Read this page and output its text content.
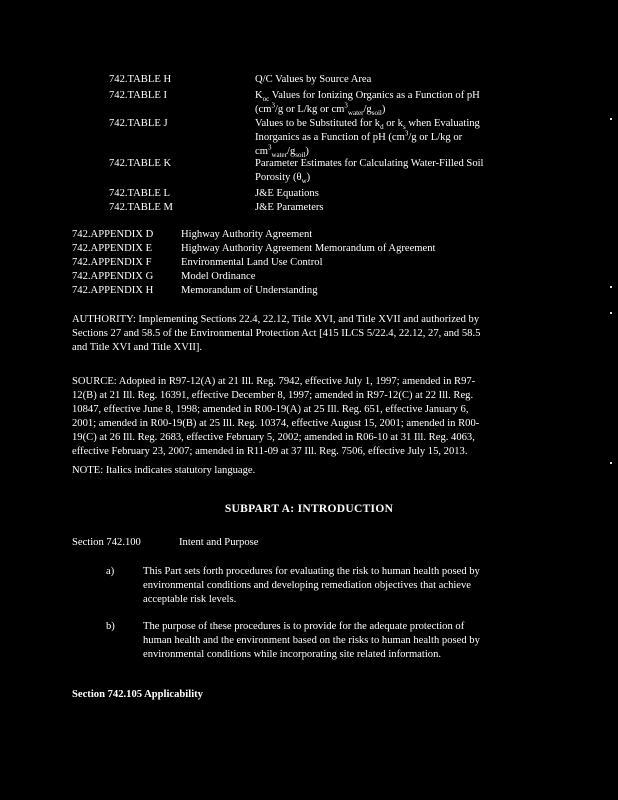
742.TABLE H	Q/C Values by Source Area
742.TABLE I	$K_{oc}$ Values for Ionizing Organics as a Function of pH
($cm^3/g$ or L/kg or $cm^3_{water}/g_{soil}$)
742.TABLE J	Values to be Substituted for $k_d$ or $k_s$ when Evaluating
Inorganics as a Function of pH ($cm^3/g$ or L/kg or
$cm^3_{water}/g_{soil}$)
742.TABLE K	Parameter Estimates for Calculating Water-Filled Soil
Porosity $(\theta_w)$
742.TABLE L	J&E Equations
742.TABLE M	J&E Parameters
742.APPENDIX D	Highway Authority Agreement
742.APPENDIX E	Highway Authority Agreement Memorandum of Agreement
742.APPENDIX F	Environmental Land Use Control
742.APPENDIX G	Model Ordinance
742.APPENDIX H	Memorandum of Understanding
AUTHORITY: Implementing Sections 22.4, 22.12, Title XVI, and Title XVII and authorized by
Sections 27 and 58.5 of the Environmental Protection Act [415 ILCS 5/22.4, 22.12, 27, and 58.5
and Title XVI and Title XVII].
SOURCE: Adopted in R97-12(A) at 21 Ill. Reg. 7942, effective July 1, 1997; amended in R97-
12(B) at 21 Ill. Reg. 16391, effective December 8, 1997; amended in R97-12(C) at 22 Ill. Reg.
10847, effective June 8, 1998; amended in R00-19(A) at 25 Ill. Reg. 651, effective January 6,
2001; amended in R00-19(B) at 25 Ill. Reg. 10374, effective August 15, 2001; amended in R00-
19(C) at 26 Ill. Reg. 2683, effective February 5, 2002; amended in R06-10 at 31 Ill. Reg. 4063,
effective February 23, 2007; amended in R11-09 at 37 Ill. Reg. 7506, effective July 15, 2013.
NOTE: Italics indicates statutory language.
SUBPART A: INTRODUCTION
Section 742.100	Intent and Purpose
a)	This Part sets forth procedures for evaluating the risk to human health posed by
environmental conditions and developing remediation objectives that achieve
acceptable risk levels.
b)	The purpose of these procedures is to provide for the adequate protection of
human health and the environment based on the risks to human health posed by
environmental conditions while incorporating site related information.
Section 742.105 Applicability
